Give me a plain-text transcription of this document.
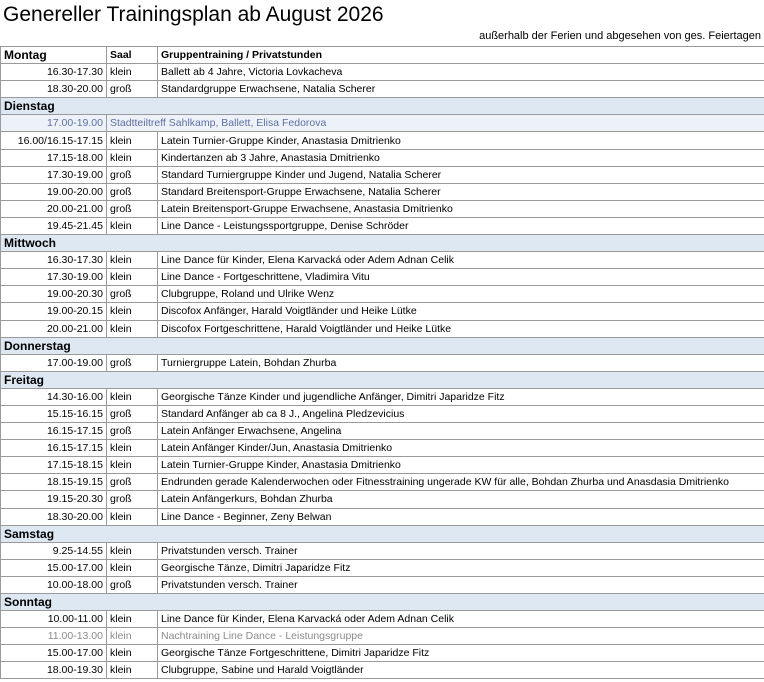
Genereller Trainingsplan ab August 2026
außerhalb der Ferien und abgesehen von ges. Feiertagen
Montag	Saal	Gruppentraining / Privatstunden
16.30-17.30	klein	Ballett ab 4 Jahre, Victoria Lovkacheva
18.30-20.00	groß	Standardgruppe Erwachsene, Natalia Scherer
Dienstag		
17.00-19.00	Stadtteiltreff Sahlkamp, Ballett, Elisa Fedorova	
16.00/16.15-17.15	klein	Latein Turnier-Gruppe Kinder, Anastasia Dmitrienko
17.15-18.00	klein	Kindertanzen ab 3 Jahre, Anastasia Dmitrienko
17.30-19.00	groß	Standard Turniergruppe Kinder und Jugend, Natalia Scherer
19.00-20.00	groß	Standard Breitensport-Gruppe Erwachsene, Natalia Scherer
20.00-21.00	groß	Latein Breitensport-Gruppe Erwachsene, Anastasia Dmitrienko
19.45-21.45	klein	Line Dance - Leistungssportgruppe, Denise Schröder
Mittwoch		
16.30-17.30	klein	Line Dance für Kinder, Elena Karvacká oder Adem Adnan Celik
17.30-19.00	klein	Line Dance - Fortgeschrittene, Vladimira Vitu
19.00-20.30	groß	Clubgruppe, Roland und Ulrike Wenz
19.00-20.15	klein	Discofox Anfänger, Harald Voigtländer und Heike Lütke
20.00-21.00	klein	Discofox Fortgeschrittene, Harald Voigtländer und Heike Lütke
Donnerstag		
17.00-19.00	groß	Turniergruppe Latein, Bohdan Zhurba
Freitag		
14.30-16.00	klein	Georgische Tänze Kinder und jugendliche Anfänger, Dimitri Japaridze Fitz
15.15-16.15	groß	Standard Anfänger ab ca 8 J., Angelina Pledzevicius
16.15-17.15	groß	Latein Anfänger Erwachsene, Angelina
16.15-17.15	klein	Latein Anfänger Kinder/Jun, Anastasia Dmitrienko
17.15-18.15	klein	Latein Turnier-Gruppe Kinder, Anastasia Dmitrienko
18.15-19.15	groß	Endrunden gerade Kalenderwochen oder Fitnesstraining ungerade KW für alle, Bohdan Zhurba und Anasdasia Dmitrienko
19.15-20.30	groß	Latein Anfängerkurs, Bohdan Zhurba
18.30-20.00	klein	Line Dance - Beginner, Zeny Belwan
Samstag		
9.25-14.55	klein	Privatstunden versch. Trainer
15.00-17.00	klein	Georgische Tänze, Dimitri Japaridze Fitz
10.00-18.00	groß	Privatstunden versch. Trainer
Sonntag		
10.00-11.00	klein	Line Dance für Kinder, Elena Karvacká oder Adem Adnan Celik
11.00-13.00	klein	Nachtraining Line Dance - Leistungsgruppe
15.00-17.00	klein	Georgische Tänze Fortgeschrittene, Dimitri Japaridze Fitz
18.00-19.30	klein	Clubgruppe, Sabine und Harald Voigtländer
